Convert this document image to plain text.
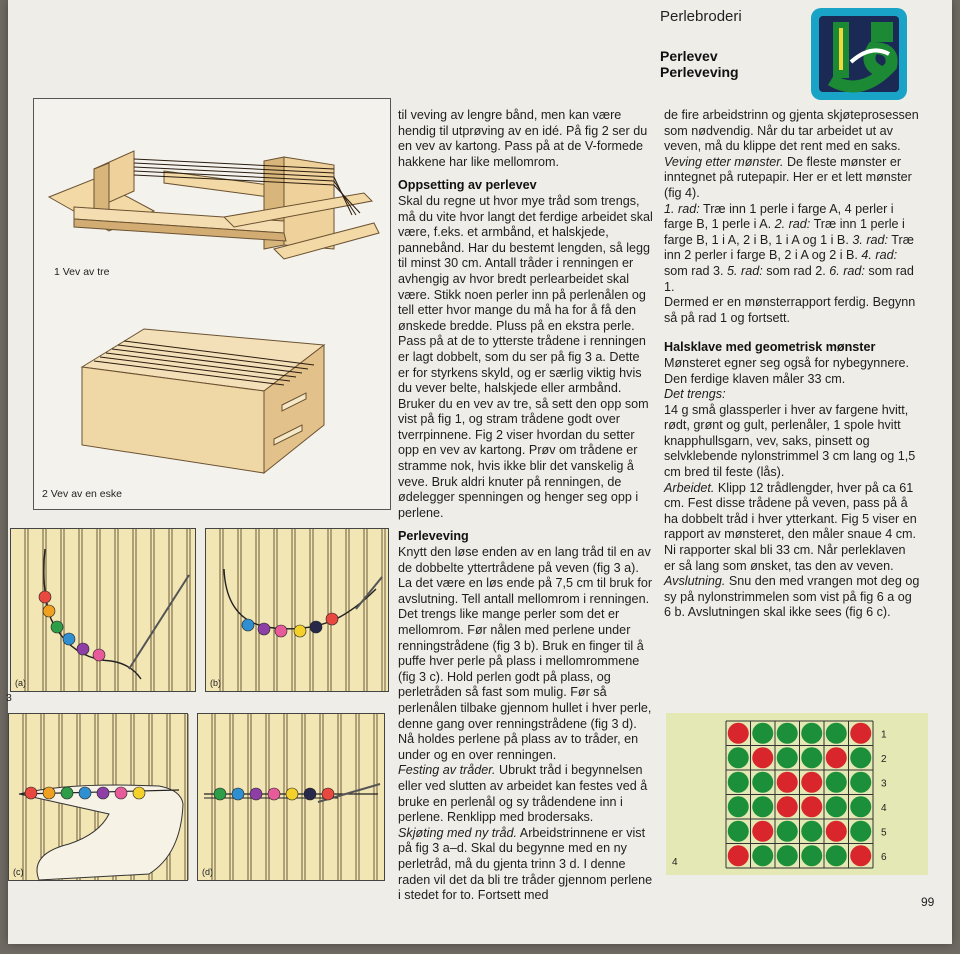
Perlebroderi
Perlevev
Perleveving
1 Vev av tre
2 Vev av en eske
(a)	(b)
3
(c)	(d)

til veving av lengre bånd, men kan være hendig til utprøving av en idé. På fig 2 ser du en vev av kartong. Pass på at de V-formede hakkene har like mellomrom.

Oppsetting av perlevev

Skal du regne ut hvor mye tråd som trengs, må du vite hvor langt det ferdige arbeidet skal være, f.eks. et armbånd, et halskjede, pannebånd. Har du bestemt lengden, så legg til minst 30 cm. Antall tråder i renningen er avhengig av hvor bredt perlearbeidet skal være. Stikk noen perler inn på perlenålen og tell etter hvor mange du må ha for å få den ønskede bredde. Pluss på en ekstra perle. Pass på at de to ytterste trådene i renningen er lagt dobbelt, som du ser på fig 3 a. Dette er for styrkens skyld, og er særlig viktig hvis du vever belte, halskjede eller armbånd. Bruker du en vev av tre, så sett den opp som vist på fig 1, og stram trådene godt over tverrpinnene. Fig 2 viser hvordan du setter opp en vev av kartong. Prøv om trådene er stramme nok, hvis ikke blir det vanskelig å veve. Bruk aldri knuter på renningen, de ødelegger spenningen og henger seg opp i perlene.

Perleveving

Knytt den løse enden av en lang tråd til en av de dobbelte yttertrådene på veven (fig 3 a). La det være en løs ende på 7,5 cm til bruk for avslutning. Tell antall mellomrom i renningen. Det trengs like mange perler som det er mellomrom. Før nålen med perlene under renningstrådene (fig 3 b). Bruk en finger til å puffe hver perle på plass i mellomrommene (fig 3 c). Hold perlen godt på plass, og perletråden så fast som mulig. Før så perlenålen tilbake gjennom hullet i hver perle, denne gang over renningstrådene (fig 3 d). Nå holdes perlene på plass av to tråder, en under og en over renningen.

Festing av tråder. Ubrukt tråd i begynnelsen eller ved slutten av arbeidet kan festes ved å bruke en perlenål og sy trådendene inn i perlene. Renklipp med brodersaks.

Skjøting med ny tråd. Arbeidstrinnene er vist på fig 3 a–d. Skal du begynne med en ny perletråd, må du gjenta trinn 3 d. I denne raden vil det da bli tre tråder gjennom perlene i stedet for to. Fortsett med

de fire arbeidstrinn og gjenta skjøteprosessen som nødvendig. Når du tar arbeidet ut av veven, må du klippe det rent med en saks.

Veving etter mønster. De fleste mønster er inntegnet på rutepapir. Her er et lett mønster (fig 4).

1. rad: Træ inn 1 perle i farge A, 4 perler i farge B, 1 perle i A. 2. rad: Træ inn 1 perle i farge B, 1 i A, 2 i B, 1 i A og 1 i B. 3. rad: Træ inn 2 perler i farge B, 2 i A og 2 i B. 4. rad: som rad 3. 5. rad: som rad 2. 6. rad: som rad 1.

Dermed er en mønsterrapport ferdig. Begynn så på rad 1 og fortsett.

Halsklave med geometrisk mønster

Mønsteret egner seg også for nybegynnere. Den ferdige klaven måler 33 cm.

Det trengs:

14 g små glassperler i hver av fargene hvitt, rødt, grønt og gult, perlenåler, 1 spole hvitt knapphullsgarn, vev, saks, pinsett og selvklebende nylonstrimmel 3 cm lang og 1,5 cm bred til feste (lås).

Arbeidet. Klipp 12 trådlengder, hver på ca 61 cm. Fest disse trådene på veven, pass på å ha dobbelt tråd i hver ytterkant. Fig 5 viser en rapport av mønsteret, den måler snaue 4 cm. Ni rapporter skal bli 33 cm. Når perleklaven er så lang som ønsket, tas den av veven.

Avslutning. Snu den med vrangen mot deg og sy på nylonstrimmelen som vist på fig 6 a og 6 b. Avslutningen skal ikke sees (fig 6 c).

1
2
3
4
5
6
4
99
